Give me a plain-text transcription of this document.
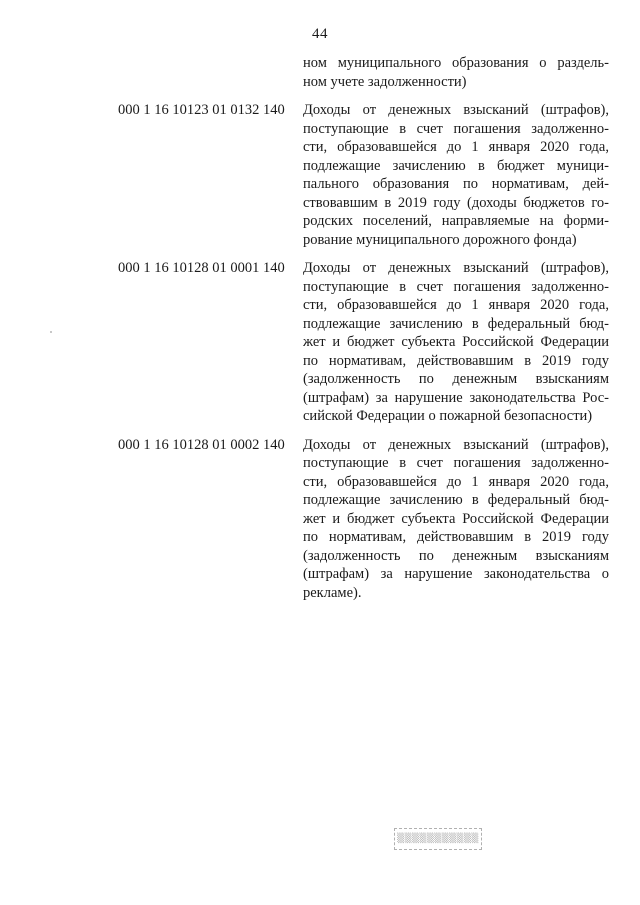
44
ном муниципального образования о раздель-
ном учете задолженности)
000 1 16 10123 01 0132 140	Доходы от денежных взысканий (штрафов),
поступающие в счет погашения задолженно-
сти, образовавшейся до 1 января 2020 года,
подлежащие зачислению в бюджет муници-
пального образования по нормативам, дей-
ствовавшим в 2019 году (доходы бюджетов го-
родских поселений, направляемые на форми-
рование муниципального дорожного фонда)
000 1 16 10128 01 0001 140	Доходы от денежных взысканий (штрафов),
поступающие в счет погашения задолженно-
сти, образовавшейся до 1 января 2020 года,
подлежащие зачислению в федеральный бюд-
жет и бюджет субъекта Российской Федерации
по нормативам, действовавшим в 2019 году
(задолженность по денежным взысканиям
(штрафам) за нарушение законодательства Рос-
сийской Федерации о пожарной безопасности)
000 1 16 10128 01 0002 140	Доходы от денежных взысканий (штрафов),
поступающие в счет погашения задолженно-
сти, образовавшейся до 1 января 2020 года,
подлежащие зачислению в федеральный бюд-
жет и бюджет субъекта Российской Федерации
по нормативам, действовавшим в 2019 году
(задолженность по денежным взысканиям
(штрафам) за нарушение законодательства о
рекламе).
▒▒▒▒▒▒▒▒▒▒▒
